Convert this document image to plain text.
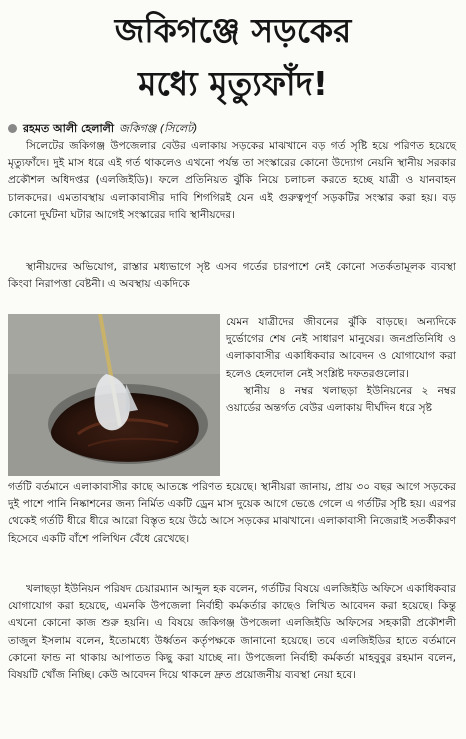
জকিগঞ্জে সড়কের
মধ্যে মৃত্যুফাঁদ!
রহমত আলী হেলালী জকিগঞ্জ (সিলেট)

সিলেটের জকিগঞ্জ উপজেলার বেউর এলাকায় সড়কের মাঝখানে বড় গর্ত সৃষ্টি হয়ে পরিণত হয়েছে মৃত্যুফাঁদে। দুই মাস ধরে এই গর্ত থাকলেও এখনো পর্যন্ত তা সংস্কারের কোনো উদ্যোগ নেয়নি স্থানীয় সরকার প্রকৌশল অধিদপ্তর (এলজিইডি)। ফলে প্রতিনিয়ত ঝুঁকি নিয়ে চলাচল করতে হচ্ছে যাত্রী ও যানবাহন চালকদের। এমতাবস্থায় এলাকাবাসীর দাবি শিগগিরই যেন এই গুরুত্বপূর্ণ সড়কটির সংস্কার করা হয়। বড় কোনো দুর্ঘটনা ঘটার আগেই সংস্কারের দাবি স্থানীয়দের।

স্থানীয়দের অভিযোগ, রাস্তার মধ্যভাগে সৃষ্ট এসব গর্তের চারপাশে নেই কোনো সতর্কতামূলক ব্যবস্থা কিংবা নিরাপত্তা বেষ্টনী। এ অবস্থায় একদিকে

যেমন যাত্রীদের জীবনের ঝুঁকি বাড়ছে। অন্যদিকে দুর্ভোগের শেষ নেই সাধারণ মানুষের। জনপ্রতিনিধি ও এলাকাবাসীর একাধিকবার আবেদন ও যোগাযোগ করা হলেও হেলদোল নেই সংশ্লিষ্ট দফতরগুলোর।

স্থানীয় ৪ নম্বর খলাছড়া ইউনিয়নের ২ নম্বর ওয়ার্ডের অন্তর্গত বেউর এলাকায় দীর্ঘদিন ধরে সৃষ্ট

গর্তটি বর্তমানে এলাকাবাসীর কাছে আতঙ্কে পরিণত হয়েছে। স্থানীয়রা জানায়, প্রায় ৩০ বছর আগে সড়কের দুই পাশে পানি নিষ্কাশনের জন্য নির্মিত একটি ড্রেন মাস দুয়েক আগে ভেঙে গেলে এ গর্তটির সৃষ্টি হয়। এরপর থেকেই গর্তটি ধীরে ধীরে আরো বিস্তৃত হয়ে উঠে আসে সড়কের মাঝখানে। এলাকাবাসী নিজেরাই সতর্কীকরণ হিসেবে একটি বাঁশে পলিথিন বেঁধে রেখেছে।

খলাছড়া ইউনিয়ন পরিষদ চেয়ারম্যান আব্দুল হক বলেন, গর্তটির বিষয়ে এলজিইডি অফিসে একাধিকবার যোগাযোগ করা হয়েছে, এমনকি উপজেলা নির্বাহী কর্মকর্তার কাছেও লিখিত আবেদন করা হয়েছে। কিন্তু এখনো কোনো কাজ শুরু হয়নি। এ বিষয়ে জকিগঞ্জ উপজেলা এলজিইডি অফিসের সহকারী প্রকৌশলী তাজুল ইসলাম বলেন, ইতোমধ্যে উর্ধ্বতন কর্তৃপক্ষকে জানানো হয়েছে। তবে এলজিইডির হাতে বর্তমানে কোনো ফান্ড না থাকায় আপাতত কিছু করা যাচ্ছে না। উপজেলা নির্বাহী কর্মকর্তা মাহবুবুর রহমান বলেন, বিষয়টি খোঁজ নিচ্ছি। কেউ আবেদন দিয়ে থাকলে দ্রুত প্রয়োজনীয় ব্যবস্থা নেয়া হবে।
